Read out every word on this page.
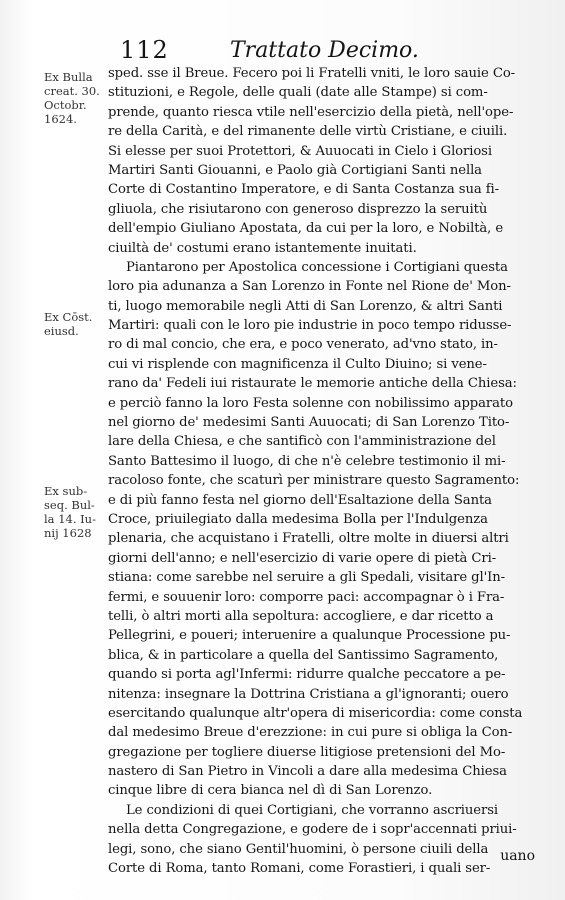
112	Trattato Decimo.
Ex Bulla
creat. 30.
Octobr.
1624.
Ex Cōst.
eiusd.
Ex sub-
seq. Bul-
la 14. Iu-
nij 1628
sped. sse il Breue. Fecero poi li Fratelli vniti, le loro sauie Co-
stituzioni, e Regole, delle quali (date alle Stampe) si com-
prende, quanto riesca vtile nell'esercizio della pietà, nell'ope-
re della Carità, e del rimanente delle virtù Cristiane, e ciuili.
Si elesse per suoi Protettori, & Auuocati in Cielo i Gloriosi
Martiri Santi Giouanni, e Paolo già Cortigiani Santi nella
Corte di Costantino Imperatore, e di Santa Costanza sua fi-
gliuola, che risiutarono con generoso disprezzo la seruitù
dell'empio Giuliano Apostata, da cui per la loro, e Nobiltà, e
ciuiltà de' costumi erano istantemente inuitati.
Piantarono per Apostolica concessione i Cortigiani questa
loro pia adunanza a San Lorenzo in Fonte nel Rione de' Mon-
ti, luogo memorabile negli Atti di San Lorenzo, & altri Santi
Martiri: quali con le loro pie industrie in poco tempo ridusse-
ro di mal concio, che era, e poco venerato, ad'vno stato, in-
cui vi risplende con magnificenza il Culto Diuino; si vene-
rano da' Fedeli iui ristaurate le memorie antiche della Chiesa:
e perciò fanno la loro Festa solenne con nobilissimo apparato
nel giorno de' medesimi Santi Auuocati; di San Lorenzo Tito-
lare della Chiesa, e che santificò con l'amministrazione del
Santo Battesimo il luogo, di che n'è celebre testimonio il mi-
racoloso fonte, che scaturì per ministrare questo Sagramento:
e di più fanno festa nel giorno dell'Esaltazione della Santa
Croce, priuilegiato dalla medesima Bolla per l'Indulgenza
plenaria, che acquistano i Fratelli, oltre molte in diuersi altri
giorni dell'anno; e nell'esercizio di varie opere di pietà Cri-
stiana: come sarebbe nel seruire a gli Spedali, visitare gl'In-
fermi, e souuenir loro: comporre paci: accompagnar ò i Fra-
telli, ò altri morti alla sepoltura: accogliere, e dar ricetto a
Pellegrini, e poueri; interuenire a qualunque Processione pu-
blica, & in particolare a quella del Santissimo Sagramento,
quando si porta agl'Infermi: ridurre qualche peccatore a pe-
nitenza: insegnare la Dottrina Cristiana a gl'ignoranti; ouero
esercitando qualunque altr'opera di misericordia: come consta
dal medesimo Breue d'erezzione: in cui pure si obliga la Con-
gregazione per togliere diuerse litigiose pretensioni del Mo-
nastero di San Pietro in Vincoli a dare alla medesima Chiesa
cinque libre di cera bianca nel dì di San Lorenzo.
Le condizioni di quei Cortigiani, che vorranno ascriuersi
nella detta Congregazione, e godere de i sopr'accennati priui-
legi, sono, che siano Gentil'huomini, ò persone ciuili della
Corte di Roma, tanto Romani, come Forastieri, i quali ser-
uano
